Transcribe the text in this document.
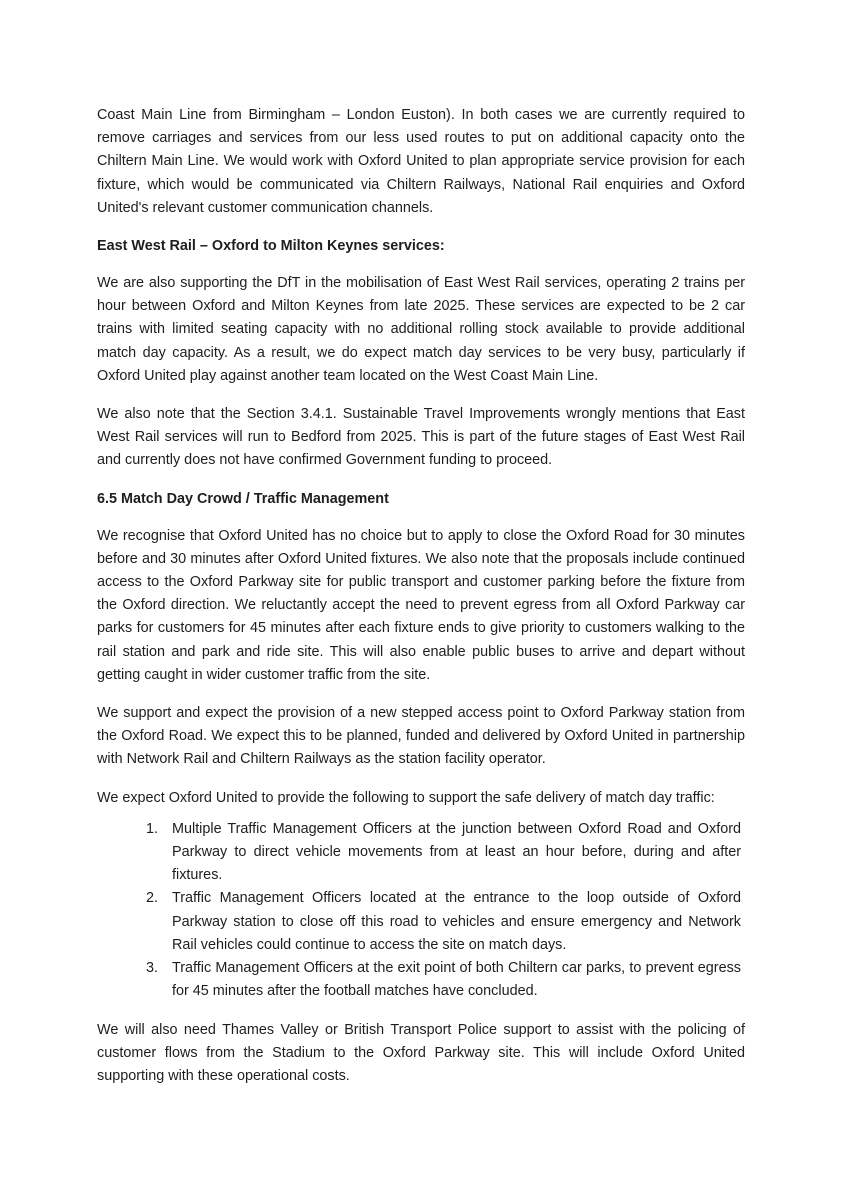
Coast Main Line from Birmingham – London Euston). In both cases we are currently required to remove carriages and services from our less used routes to put on additional capacity onto the Chiltern Main Line. We would work with Oxford United to plan appropriate service provision for each fixture, which would be communicated via Chiltern Railways, National Rail enquiries and Oxford United's relevant customer communication channels.

East West Rail – Oxford to Milton Keynes services:

We are also supporting the DfT in the mobilisation of East West Rail services, operating 2 trains per hour between Oxford and Milton Keynes from late 2025. These services are expected to be 2 car trains with limited seating capacity with no additional rolling stock available to provide additional match day capacity. As a result, we do expect match day services to be very busy, particularly if Oxford United play against another team located on the West Coast Main Line.

We also note that the Section 3.4.1. Sustainable Travel Improvements wrongly mentions that East West Rail services will run to Bedford from 2025. This is part of the future stages of East West Rail and currently does not have confirmed Government funding to proceed.

6.5 Match Day Crowd / Traffic Management

We recognise that Oxford United has no choice but to apply to close the Oxford Road for 30 minutes before and 30 minutes after Oxford United fixtures. We also note that the proposals include continued access to the Oxford Parkway site for public transport and customer parking before the fixture from the Oxford direction. We reluctantly accept the need to prevent egress from all Oxford Parkway car parks for customers for 45 minutes after each fixture ends to give priority to customers walking to the rail station and park and ride site. This will also enable public buses to arrive and depart without getting caught in wider customer traffic from the site.

We support and expect the provision of a new stepped access point to Oxford Parkway station from the Oxford Road. We expect this to be planned, funded and delivered by Oxford United in partnership with Network Rail and Chiltern Railways as the station facility operator.

We expect Oxford United to provide the following to support the safe delivery of match day traffic:

1. Multiple Traffic Management Officers at the junction between Oxford Road and Oxford Parkway to direct vehicle movements from at least an hour before, during and after fixtures.
2. Traffic Management Officers located at the entrance to the loop outside of Oxford Parkway station to close off this road to vehicles and ensure emergency and Network Rail vehicles could continue to access the site on match days.
3. Traffic Management Officers at the exit point of both Chiltern car parks, to prevent egress for 45 minutes after the football matches have concluded.

We will also need Thames Valley or British Transport Police support to assist with the policing of customer flows from the Stadium to the Oxford Parkway site. This will include Oxford United supporting with these operational costs.
